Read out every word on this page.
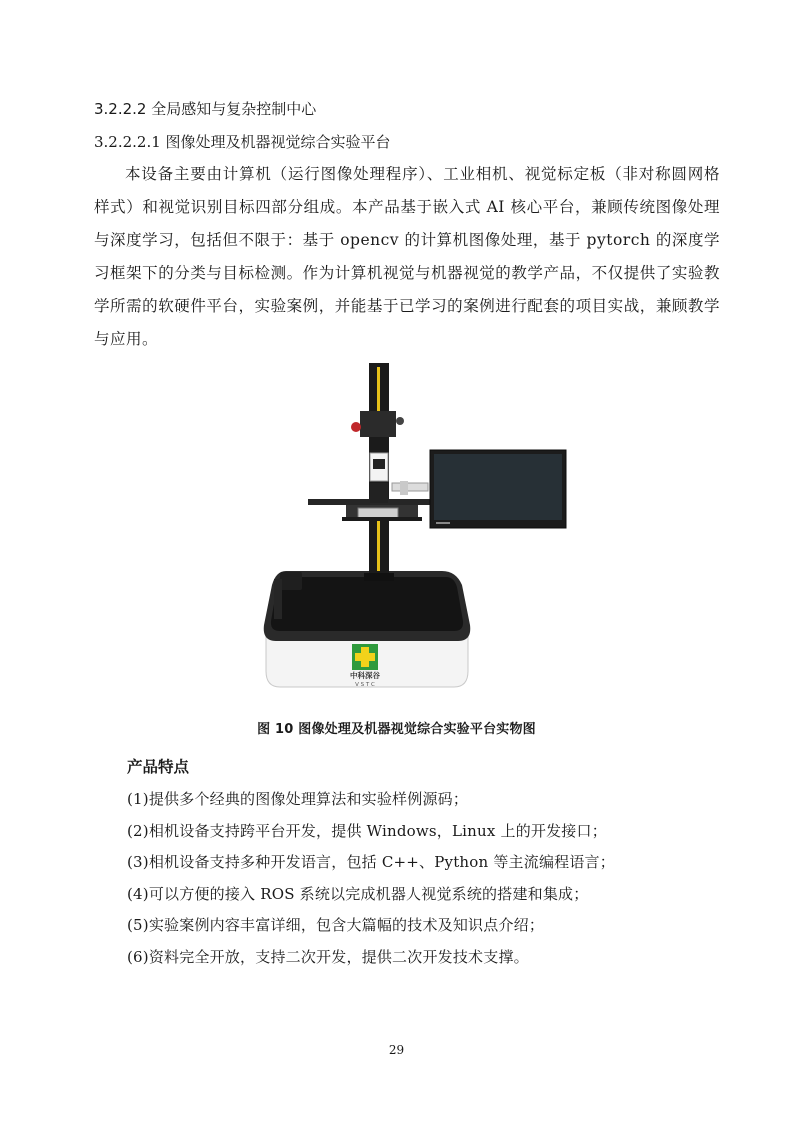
3.2.2.2 全局感知与复杂控制中心
3.2.2.2.1 图像处理及机器视觉综合实验平台

本设备主要由计算机（运行图像处理程序）、工业相机、视觉标定板（非对称圆网格样式）和视觉识别目标四部分组成。本产品基于嵌入式 AI 核心平台，兼顾传统图像处理与深度学习，包括但不限于：基于 opencv 的计算机图像处理，基于 pytorch 的深度学习框架下的分类与目标检测。作为计算机视觉与机器视觉的教学产品，不仅提供了实验教学所需的软硬件平台，实验案例，并能基于已学习的案例进行配套的项目实战，兼顾教学与应用。

中科深谷
V S T C
图 10 图像处理及机器视觉综合实验平台实物图
产品特点
(1)提供多个经典的图像处理算法和实验样例源码；
(2)相机设备支持跨平台开发，提供 Windows，Linux 上的开发接口；
(3)相机设备支持多种开发语言，包括 C++、Python 等主流编程语言；
(4)可以方便的接入 ROS 系统以完成机器人视觉系统的搭建和集成；
(5)实验案例内容丰富详细，包含大篇幅的技术及知识点介绍；
(6)资料完全开放，支持二次开发，提供二次开发技术支撑。
29
